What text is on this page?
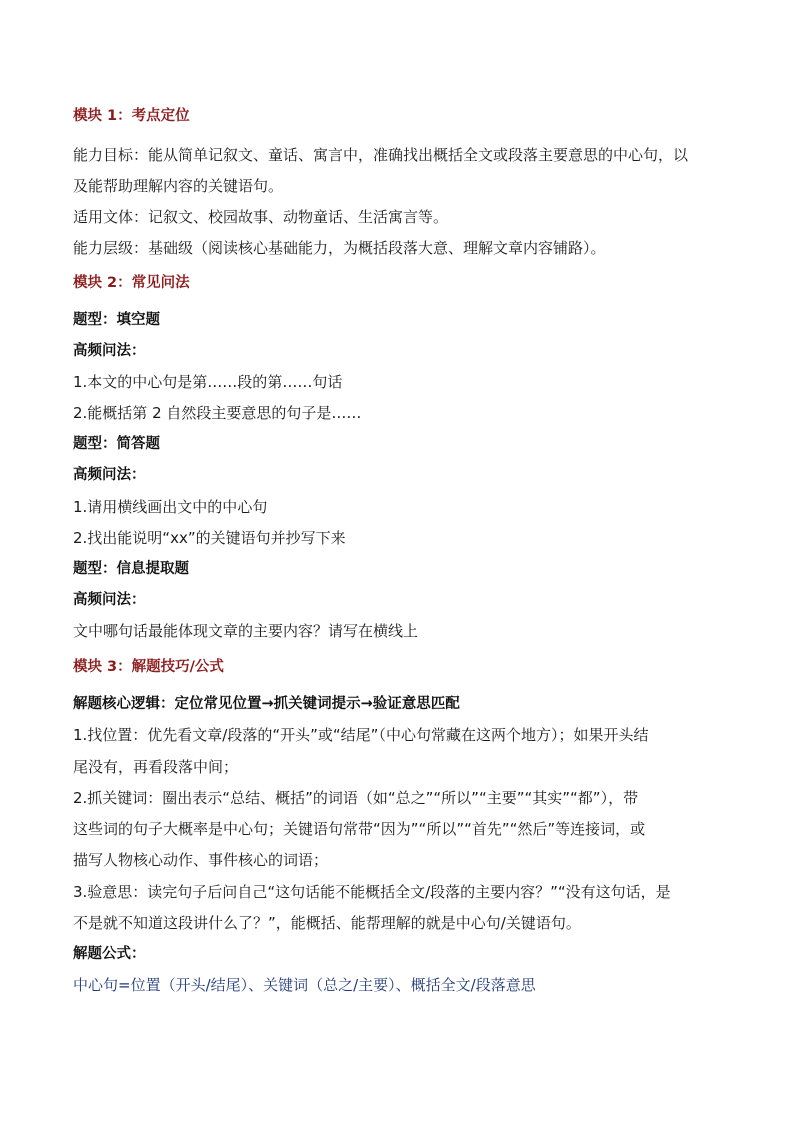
模块 1：考点定位
能力目标：能从简单记叙文、童话、寓言中，准确找出概括全文或段落主要意思的中心句，以
及能帮助理解内容的关键语句。
适用文体：记叙文、校园故事、动物童话、生活寓言等。
能力层级：基础级（阅读核心基础能力，为概括段落大意、理解文章内容铺路）。
模块 2：常见问法
题型：填空题
高频问法：
1.本文的中心句是第……段的第……句话
2.能概括第 2 自然段主要意思的句子是……
题型：简答题
高频问法：
1.请用横线画出文中的中心句
2.找出能说明“xx”的关键语句并抄写下来
题型：信息提取题
高频问法：
文中哪句话最能体现文章的主要内容？请写在横线上
模块 3：解题技巧/公式
解题核心逻辑：定位常见位置→抓关键词提示→验证意思匹配
1.找位置：优先看文章/段落的“开头”或“结尾”（中心句常藏在这两个地方）；如果开头结
尾没有，再看段落中间；
2.抓关键词：圈出表示“总结、概括”的词语（如“总之”“所以”“主要”“其实”“都”），带
这些词的句子大概率是中心句；关键语句常带“因为”“所以”“首先”“然后”等连接词，或
描写人物核心动作、事件核心的词语；
3.验意思：读完句子后问自己“这句话能不能概括全文/段落的主要内容？”“没有这句话，是
不是就不知道这段讲什么了？”，能概括、能帮理解的就是中心句/关键语句。
解题公式：
中心句=位置（开头/结尾）、关键词（总之/主要）、概括全文/段落意思
